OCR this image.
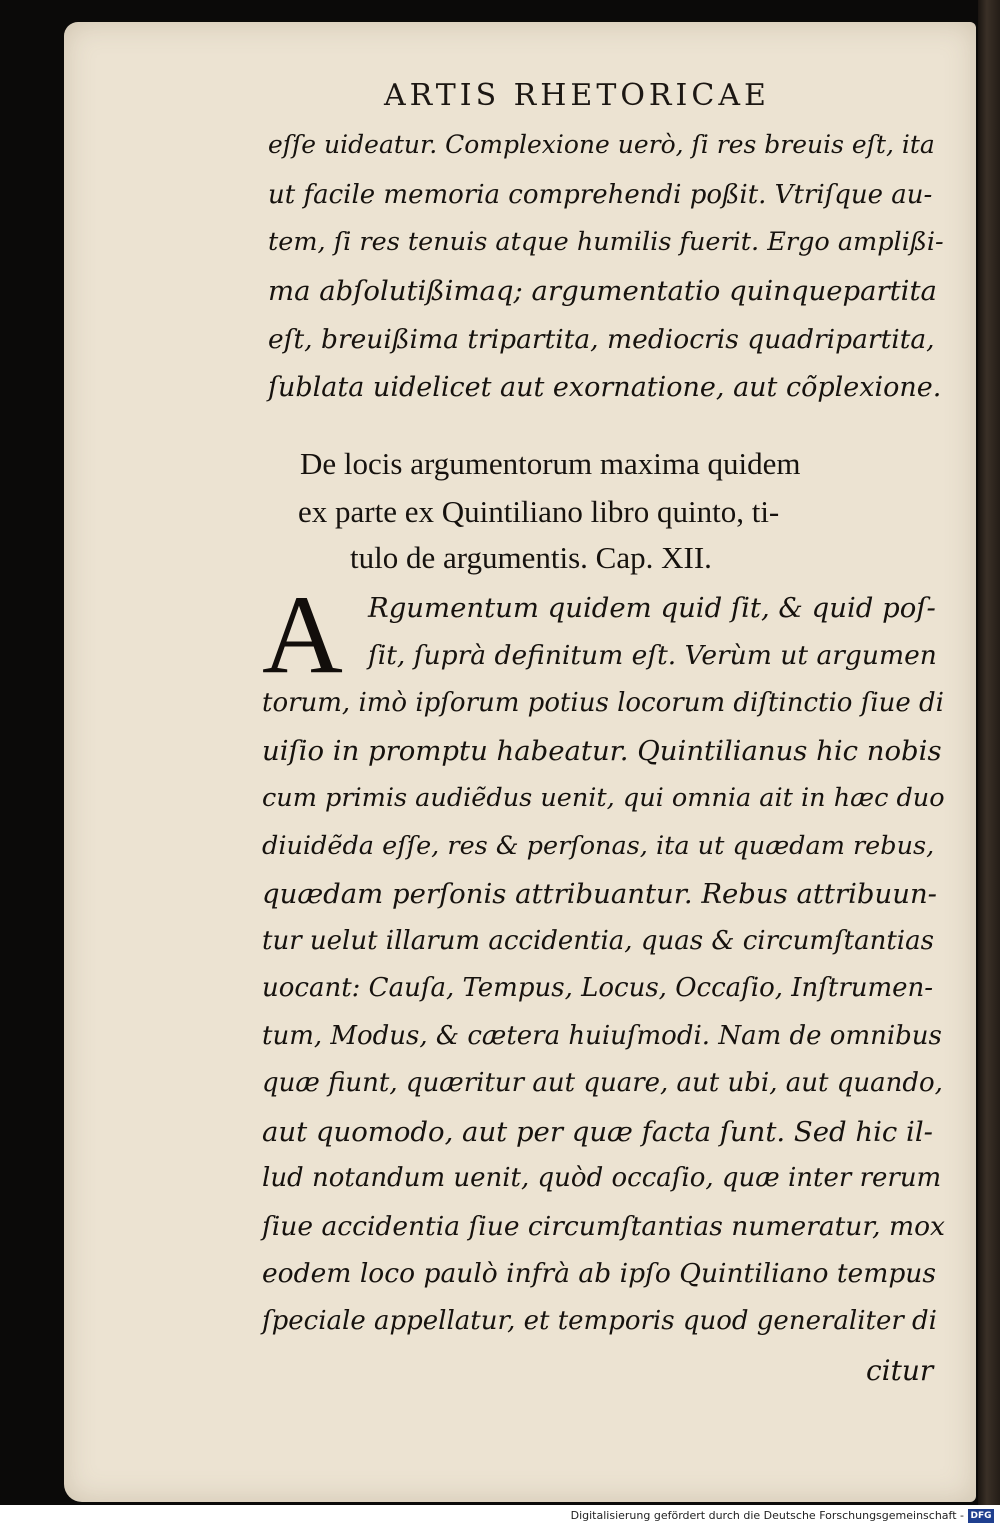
ARTIS RHETORICAE
eſſe uideatur. Complexione uerò, ſi res breuis eſt, ita
ut facile memoria comprehendi poßit. Vtriſque au-
tem, ſi res tenuis atque humilis fuerit. Ergo amplißi-
ma abſolutißimaq; argumentatio quinquepartita
eſt, breuißima tripartita, mediocris quadripartita,
ſublata uidelicet aut exornatione, aut cõplexione.
De locis argumentorum maxima quidem
ex parte ex Quintiliano libro quinto, ti-
tulo de argumentis. Cap. XII.
A Rgumentum quidem quid ſit, & quid poſ-
ſit, ſuprà definitum eſt. Verùm ut argumen
torum, imò ipſorum potius locorum diſtinctio ſiue di
uiſio in promptu habeatur. Quintilianus hic nobis
cum primis audiẽdus uenit, qui omnia ait in hæc duo
diuidẽda eſſe, res & perſonas, ita ut quædam rebus,
quædam perſonis attribuantur. Rebus attribuun-
tur uelut illarum accidentia, quas & circumſtantias
uocant: Cauſa, Tempus, Locus, Occaſio, Inſtrumen-
tum, Modus, & cætera huiuſmodi. Nam de omnibus
quæ fiunt, quæritur aut quare, aut ubi, aut quando,
aut quomodo, aut per quæ facta ſunt. Sed hic il-
lud notandum uenit, quòd occaſio, quæ inter rerum
ſiue accidentia ſiue circumſtantias numeratur, mox
eodem loco paulò infrà ab ipſo Quintiliano tempus
ſpeciale appellatur, et temporis quod generaliter di
citur
Digitalisierung gefördert durch die Deutsche Forschungsgemeinschaft - DFG
